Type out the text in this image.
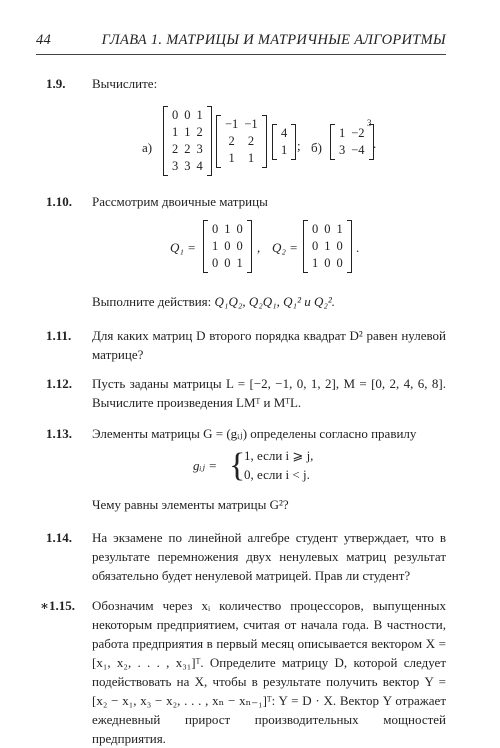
44	ГЛАВА 1. МАТРИЦЫ И МАТРИЧНЫЕ АЛГОРИТМЫ
1.9. Вычислите:
а)
0	0	1
1	1	2
2	2	3
3	3	4
−1	−1
2	2
1	1
4
1 ; б)
1	−2
3	−4
3
.
1.10. Рассмотрим двоичные матрицы
Q₁ =
0	1	0
1	0	0
0	0	1
, Q₂ =
0	0	1
0	1	0
1	0	0
.
Выполните действия: Q₁Q₂, Q₂Q₁, Q₁² и Q₂².
1.11. Для каких матриц D второго порядка квадрат D² равен нулевой матрице?
1.12. Пусть заданы матрицы L = [−2, −1, 0, 1, 2], M = [0, 2, 4, 6, 8]. Вычислите произведения LMᵀ и MᵀL.
1.13. Элементы матрицы G = (gᵢⱼ) определены согласно правилу
gᵢⱼ = {
1, если i ⩾ j,
0, если i < j.
Чему равны элементы матрицы G²?
1.14. На экзамене по линейной алгебре студент утверждает, что в результате перемножения двух ненулевых матриц результат обязательно будет ненулевой матрицей. Прав ли студент?
∗1.15. Обозначим через xᵢ количество процессоров, выпущенных некоторым предприятием, считая от начала года. В частности, работа предприятия в первый месяц описывается вектором X = [x₁, x₂, . . . , x₃₁]ᵀ. Определите матрицу D, которой следует подействовать на X, чтобы в результате получить вектор Y = [x₂ − x₁, x₃ − x₂, . . . , xₙ − xₙ₋₁]ᵀ: Y = D · X. Вектор Y отражает ежедневный прирост производительных мощностей предприятия.
